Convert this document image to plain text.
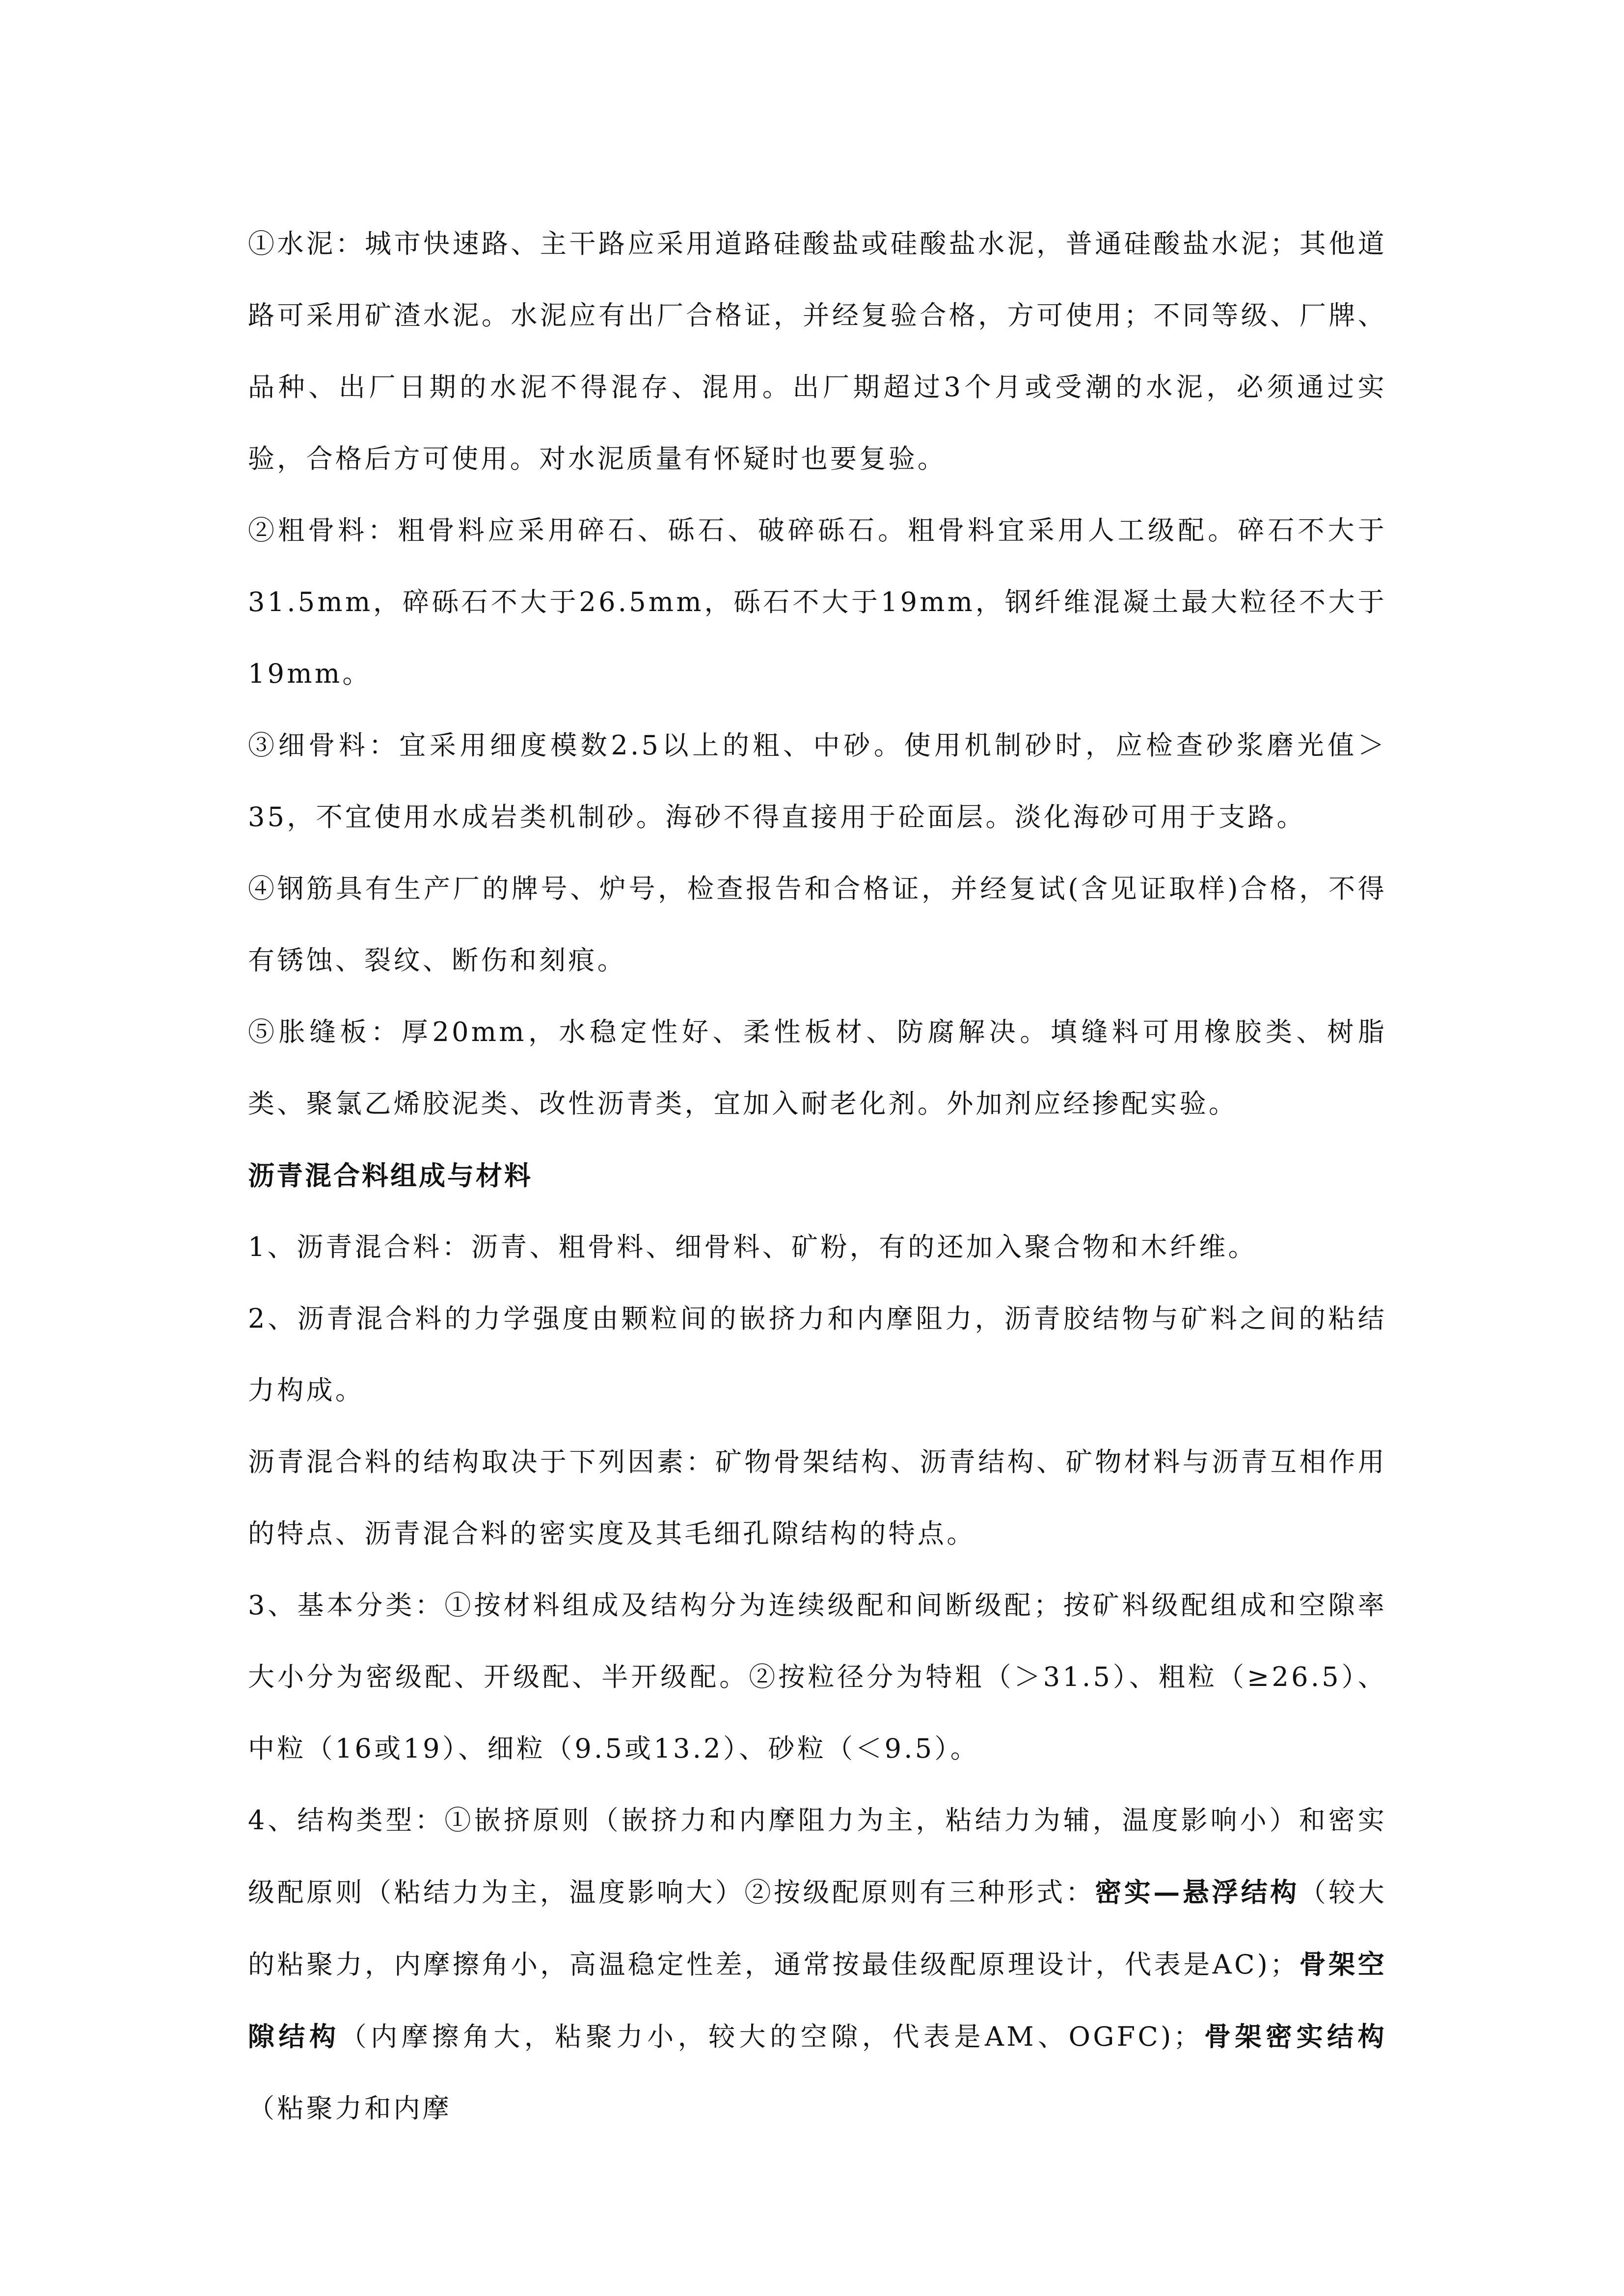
①水泥：城市快速路、主干路应采用道路硅酸盐或硅酸盐水泥，普通硅酸盐水泥；其他道路可采用矿渣水泥。水泥应有出厂合格证，并经复验合格，方可使用；不同等级、厂牌、品种、出厂日期的水泥不得混存、混用。出厂期超过3个月或受潮的水泥，必须通过实验，合格后方可使用。对水泥质量有怀疑时也要复验。

②粗骨料：粗骨料应采用碎石、砾石、破碎砾石。粗骨料宜采用人工级配。碎石不大于31.5mm，碎砾石不大于26.5mm，砾石不大于19mm，钢纤维混凝土最大粒径不大于19mm。

③细骨料：宜采用细度模数2.5以上的粗、中砂。使用机制砂时，应检查砂浆磨光值＞35，不宜使用水成岩类机制砂。海砂不得直接用于砼面层。淡化海砂可用于支路。

④钢筋具有生产厂的牌号、炉号，检查报告和合格证，并经复试(含见证取样)合格，不得有锈蚀、裂纹、断伤和刻痕。

⑤胀缝板：厚20mm，水稳定性好、柔性板材、防腐解决。填缝料可用橡胶类、树脂类、聚氯乙烯胶泥类、改性沥青类，宜加入耐老化剂。外加剂应经掺配实验。

沥青混合料组成与材料

1、沥青混合料：沥青、粗骨料、细骨料、矿粉，有的还加入聚合物和木纤维。

2、沥青混合料的力学强度由颗粒间的嵌挤力和内摩阻力，沥青胶结物与矿料之间的粘结力构成。

沥青混合料的结构取决于下列因素：矿物骨架结构、沥青结构、矿物材料与沥青互相作用的特点、沥青混合料的密实度及其毛细孔隙结构的特点。

3、基本分类：①按材料组成及结构分为连续级配和间断级配；按矿料级配组成和空隙率大小分为密级配、开级配、半开级配。②按粒径分为特粗（＞31.5）、粗粒（≥26.5）、中粒（16或19）、细粒（9.5或13.2）、砂粒（＜9.5）。

4、结构类型：①嵌挤原则（嵌挤力和内摩阻力为主，粘结力为辅，温度影响小）和密实级配原则（粘结力为主，温度影响大）②按级配原则有三种形式：密实—悬浮结构（较大的粘聚力，内摩擦角小，高温稳定性差，通常按最佳级配原理设计，代表是AC)；骨架空隙结构（内摩擦角大，粘聚力小，较大的空隙，代表是AM、OGFC)；骨架密实结构（粘聚力和内摩
